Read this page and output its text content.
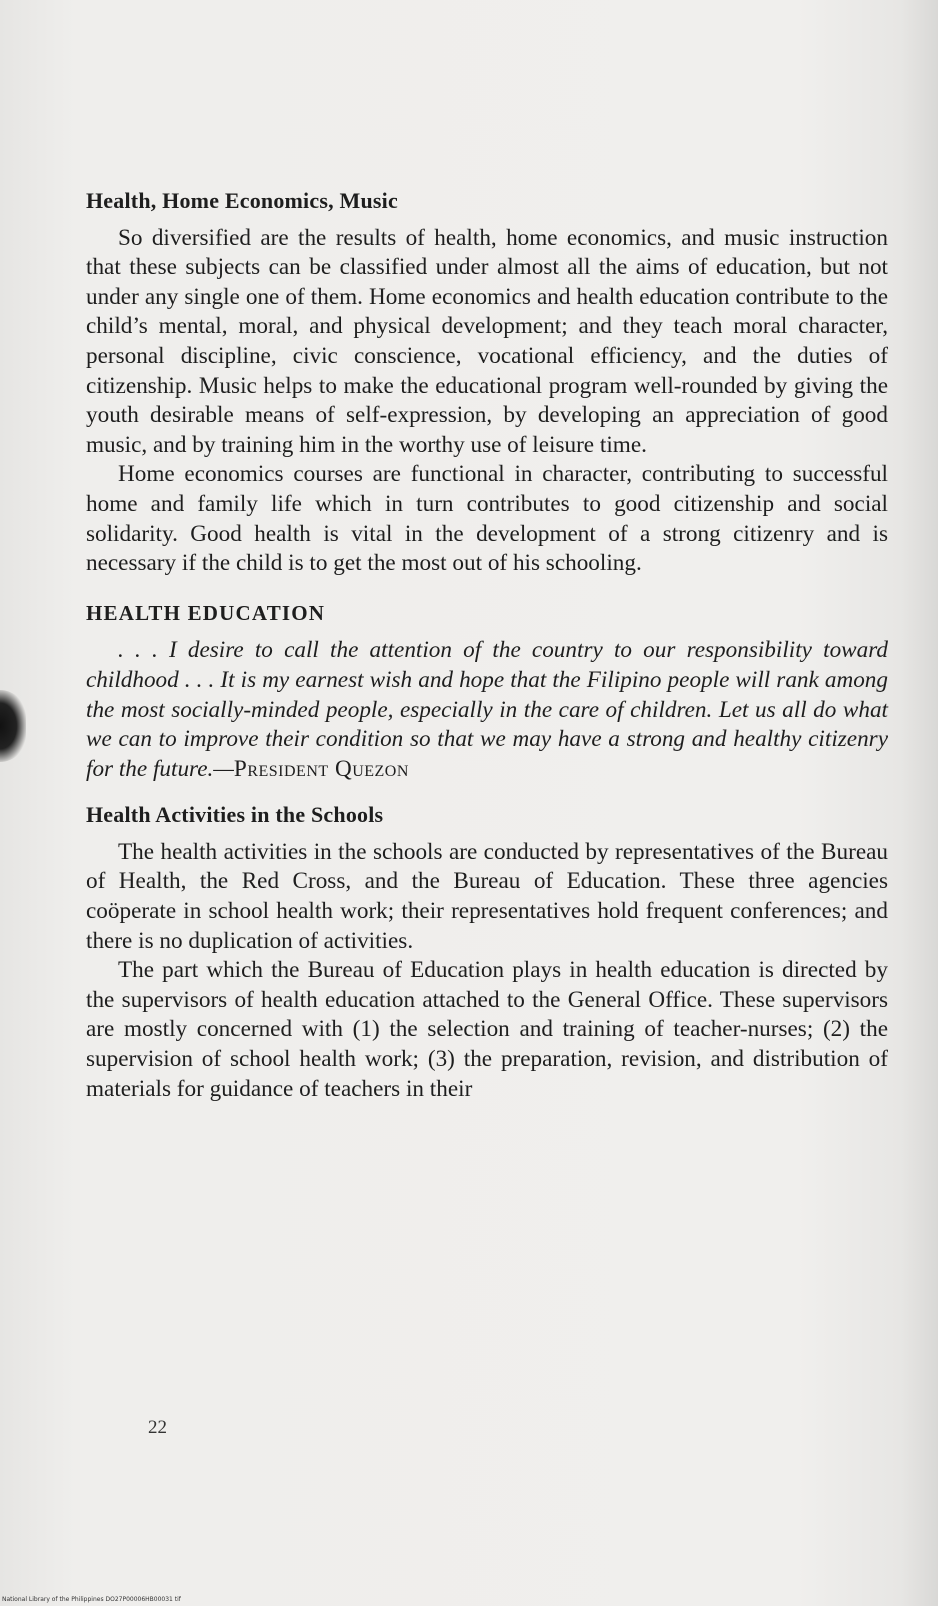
Health, Home Economics, Music

So diversified are the results of health, home economics, and music instruction that these subjects can be classified under almost all the aims of education, but not under any single one of them. Home economics and health education contribute to the child’s mental, moral, and physical development; and they teach moral character, personal discipline, civic conscience, vocational efficiency, and the duties of citizenship. Music helps to make the educational program well-rounded by giving the youth desirable means of self-expression, by developing an appreciation of good music, and by training him in the worthy use of leisure time.

Home economics courses are functional in character, contributing to successful home and family life which in turn contributes to good citizenship and social solidarity. Good health is vital in the development of a strong citizenry and is necessary if the child is to get the most out of his schooling.

HEALTH EDUCATION

. . . I desire to call the attention of the country to our responsibility toward childhood . . . It is my earnest wish and hope that the Filipino people will rank among the most socially-minded people, especially in the care of children. Let us all do what we can to improve their condition so that we may have a strong and healthy citizenry for the future.—President Quezon

Health Activities in the Schools

The health activities in the schools are conducted by representatives of the Bureau of Health, the Red Cross, and the Bureau of Education. These three agencies coöperate in school health work; their representatives hold frequent conferences; and there is no duplication of activities.

The part which the Bureau of Education plays in health education is directed by the supervisors of health education attached to the General Office. These supervisors are mostly concerned with (1) the selection and training of teacher-nurses; (2) the supervision of school health work; (3) the preparation, revision, and distribution of materials for guidance of teachers in their

22
National Library of the Philippines DO27P00006HB00031 tif
